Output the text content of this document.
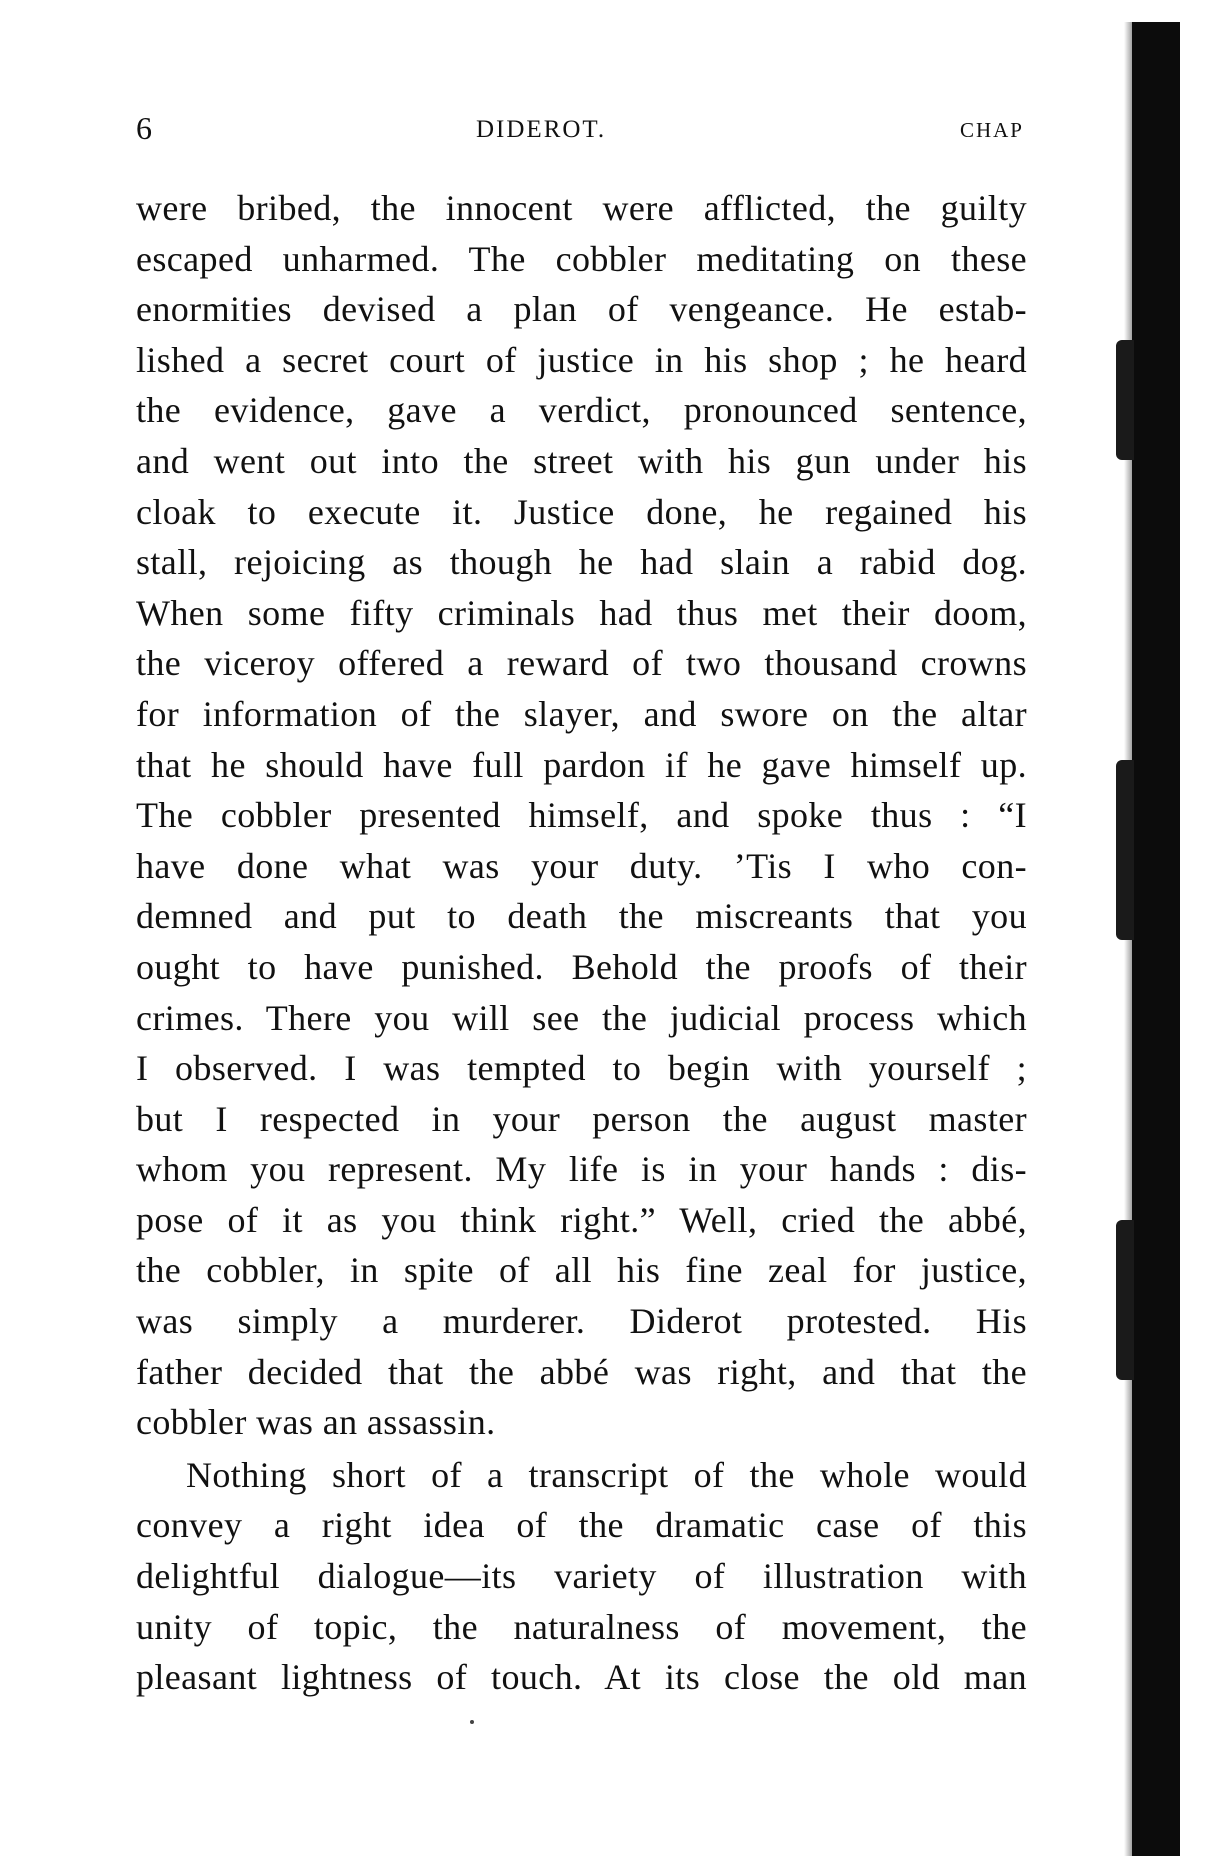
6	DIDEROT.	CHAP
were bribed, the innocent were afflicted, the guilty
escaped unharmed. The cobbler meditating on these
enormities devised a plan of vengeance. He estab-
lished a secret court of justice in his shop ; he heard
the evidence, gave a verdict, pronounced sentence,
and went out into the street with his gun under his
cloak to execute it. Justice done, he regained his
stall, rejoicing as though he had slain a rabid dog.
When some fifty criminals had thus met their doom,
the viceroy offered a reward of two thousand crowns
for information of the slayer, and swore on the altar
that he should have full pardon if he gave himself up.
The cobbler presented himself, and spoke thus : “I
have done what was your duty. ’Tis I who con-
demned and put to death the miscreants that you
ought to have punished. Behold the proofs of their
crimes. There you will see the judicial process which
I observed. I was tempted to begin with yourself ;
but I respected in your person the august master
whom you represent. My life is in your hands : dis-
pose of it as you think right.” Well, cried the abbé,
the cobbler, in spite of all his fine zeal for justice,
was simply a murderer. Diderot protested. His
father decided that the abbé was right, and that the
cobbler was an assassin.
Nothing short of a transcript of the whole would
convey a right idea of the dramatic case of this
delightful dialogue—its variety of illustration with
unity of topic, the naturalness of movement, the
pleasant lightness of touch. At its close the old man
